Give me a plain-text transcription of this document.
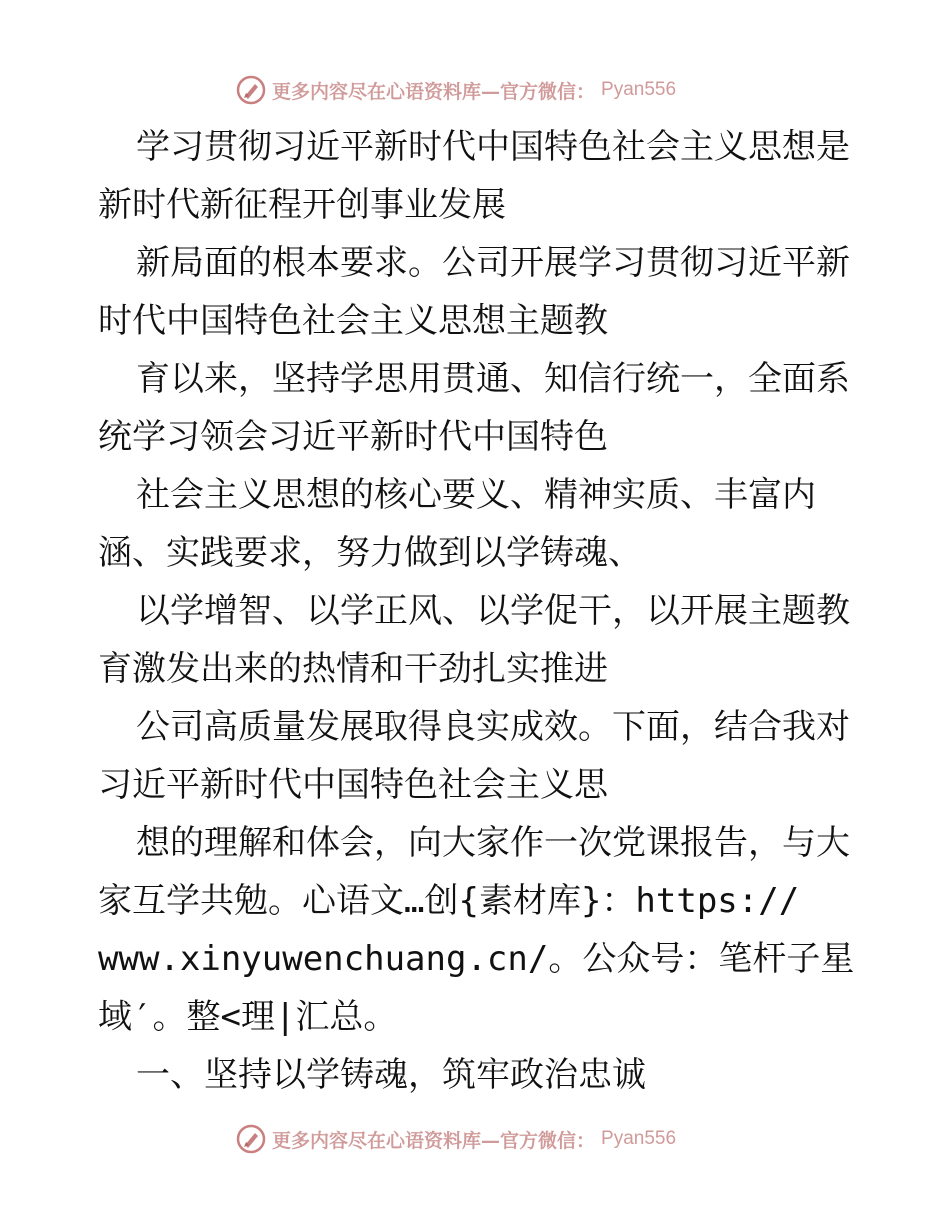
更多内容尽在心语资料库—官方微信： Pyan556
学习贯彻习近平新时代中国特色社会主义思想是
新时代新征程开创事业发展
新局面的根本要求。公司开展学习贯彻习近平新
时代中国特色社会主义思想主题教
育以来，坚持学思用贯通、知信行统一，全面系
统学习领会习近平新时代中国特色
社会主义思想的核心要义、精神实质、丰富内
涵、实践要求，努力做到以学铸魂、
以学增智、以学正风、以学促干，以开展主题教
育激发出来的热情和干劲扎实推进
公司高质量发展取得良实成效。下面，结合我对
习近平新时代中国特色社会主义思
想的理解和体会，向大家作一次党课报告，与大
家互学共勉。心语文…创{素材库}：https://
www.xinyuwenchuang.cn/。公众号：笔杆子星
域′。整<理|汇总。
一、坚持以学铸魂，筑牢政治忠诚
更多内容尽在心语资料库—官方微信： Pyan556
